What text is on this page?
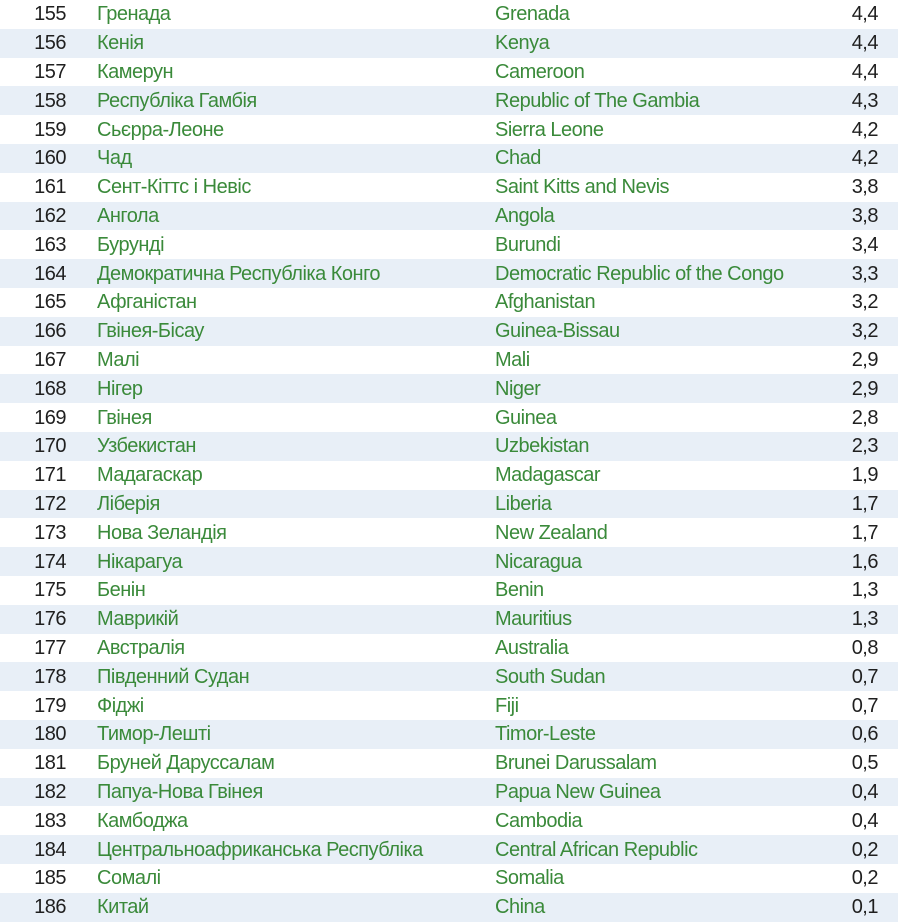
155		Гренада	Grenada	4,4
156		Кенія	Kenya	4,4
157		Камерун	Cameroon	4,4
158		Республіка Гамбія	Republic of The Gambia	4,3
159		Сьєрра-Леоне	Sierra Leone	4,2
160		Чад	Chad	4,2
161		Сент-Кіттс і Невіс	Saint Kitts and Nevis	3,8
162		Ангола	Angola	3,8
163		Бурунді	Burundi	3,4
164		Демократична Республіка Конго	Democratic Republic of the Congo	3,3
165		Афганістан	Afghanistan	3,2
166		Гвінея-Бісау	Guinea-Bissau	3,2
167		Малі	Mali	2,9
168		Нігер	Niger	2,9
169		Гвінея	Guinea	2,8
170		Узбекистан	Uzbekistan	2,3
171		Мадагаскар	Madagascar	1,9
172		Ліберія	Liberia	1,7
173		Нова Зеландія	New Zealand	1,7
174		Нікарагуа	Nicaragua	1,6
175		Бенін	Benin	1,3
176		Маврикій	Mauritius	1,3
177		Австралія	Australia	0,8
178		Південний Судан	South Sudan	0,7
179		Фіджі	Fiji	0,7
180		Тимор-Лешті	Timor-Leste	0,6
181		Бруней Даруссалам	Brunei Darussalam	0,5
182		Папуа-Нова Гвінея	Papua New Guinea	0,4
183		Камбоджа	Cambodia	0,4
184		Центральноафриканська Республіка	Central African Republic	0,2
185		Сомалі	Somalia	0,2
186		Китай	China	0,1
